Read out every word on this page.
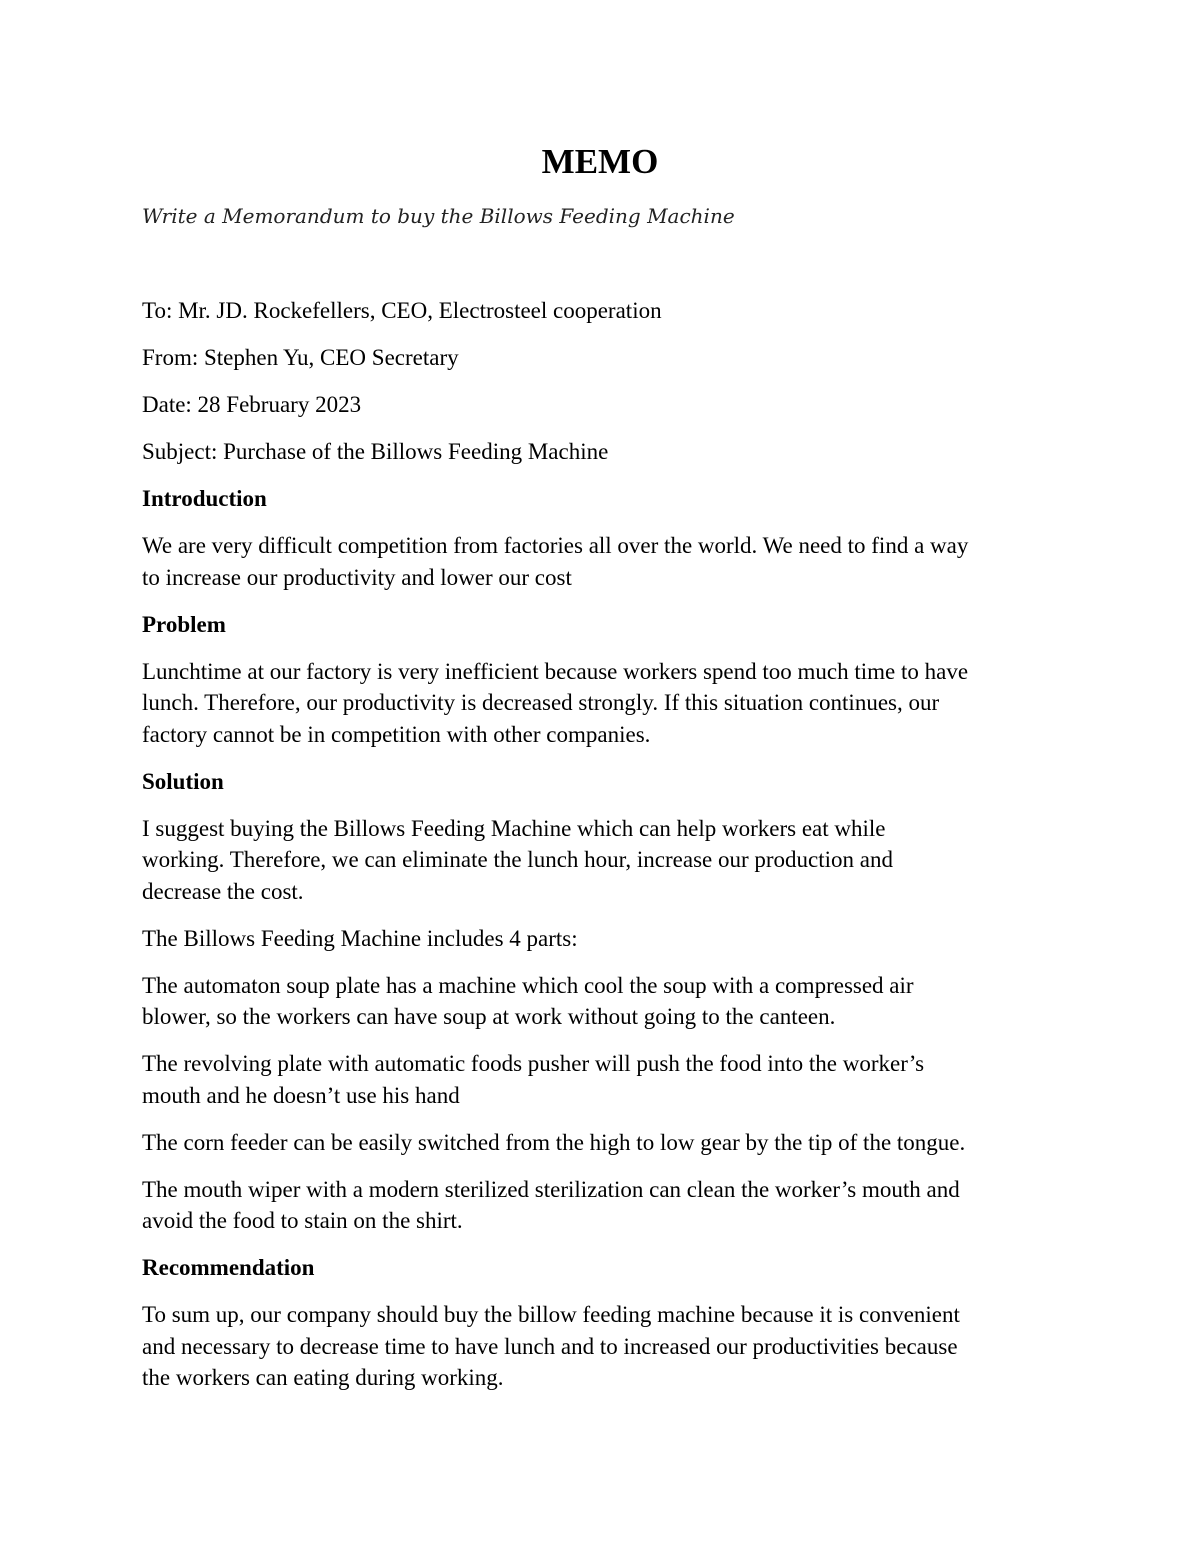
MEMO

Write a Memorandum to buy the Billows Feeding Machine

To: Mr. JD. Rockefellers, CEO, Electrosteel cooperation

From: Stephen Yu, CEO Secretary

Date: 28 February 2023

Subject: Purchase of the Billows Feeding Machine

Introduction

We are very difficult competition from factories all over the world. We need to find a way
to increase our productivity and lower our cost

Problem

Lunchtime at our factory is very inefficient because workers spend too much time to have
lunch. Therefore, our productivity is decreased strongly. If this situation continues, our
factory cannot be in competition with other companies.

Solution

I suggest buying the Billows Feeding Machine which can help workers eat while
working. Therefore, we can eliminate the lunch hour, increase our production and
decrease the cost.

The Billows Feeding Machine includes 4 parts:

The automaton soup plate has a machine which cool the soup with a compressed air
blower, so the workers can have soup at work without going to the canteen.

The revolving plate with automatic foods pusher will push the food into the worker’s
mouth and he doesn’t use his hand

The corn feeder can be easily switched from the high to low gear by the tip of the tongue.

The mouth wiper with a modern sterilized sterilization can clean the worker’s mouth and
avoid the food to stain on the shirt.

Recommendation

To sum up, our company should buy the billow feeding machine because it is convenient
and necessary to decrease time to have lunch and to increased our productivities because
the workers can eating during working.
